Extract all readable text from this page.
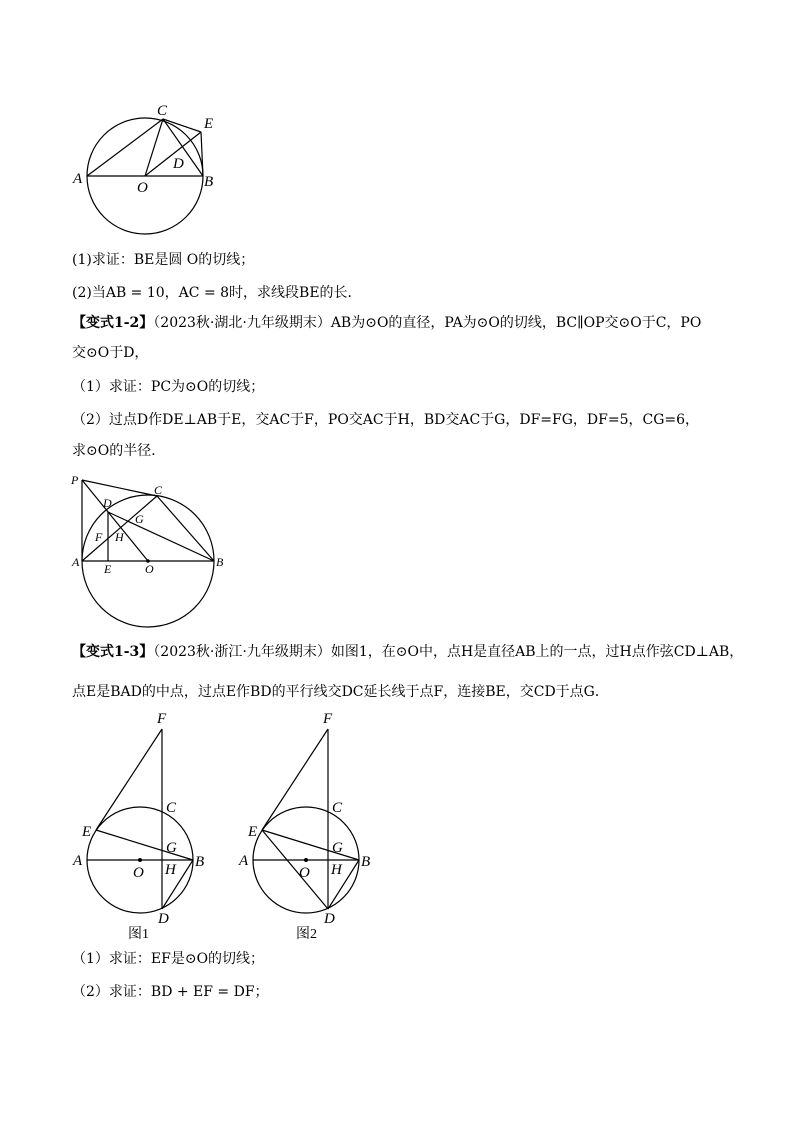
C
E
D
A
O	B
(1)求证：BE是圆 O的切线；
(2)当AB = 10，AC = 8时，求线段BE的长．
【变式1-2】（2023秋·湖北·九年级期末）AB为⊙O的直径，PA为⊙O的切线，BC∥OP交⊙O于C，PO
交⊙O于D，
（1）求证：PC为⊙O的切线；
（2）过点D作DE⊥AB于E，交AC于F，PO交AC于H，BD交AC于G，DF=FG，DF=5，CG=6，
求⊙O的半径．
P
C
D
G
F H
A E	O	B
【变式1-3】（2023秋·浙江·九年级期末）如图1，在⊙O中，点H是直径AB上的一点，过H点作弦CD⊥AB，
点E是BAD的中点，过点E作BD的平行线交DC延长线于点F，连接BE，交CD于点G．
F
C
E
G
A
O H B
D
图1
F
C
E
G
A
O H B
D
图2
（1）求证：EF是⊙O的切线；
（2）求证：BD + EF = DF；
